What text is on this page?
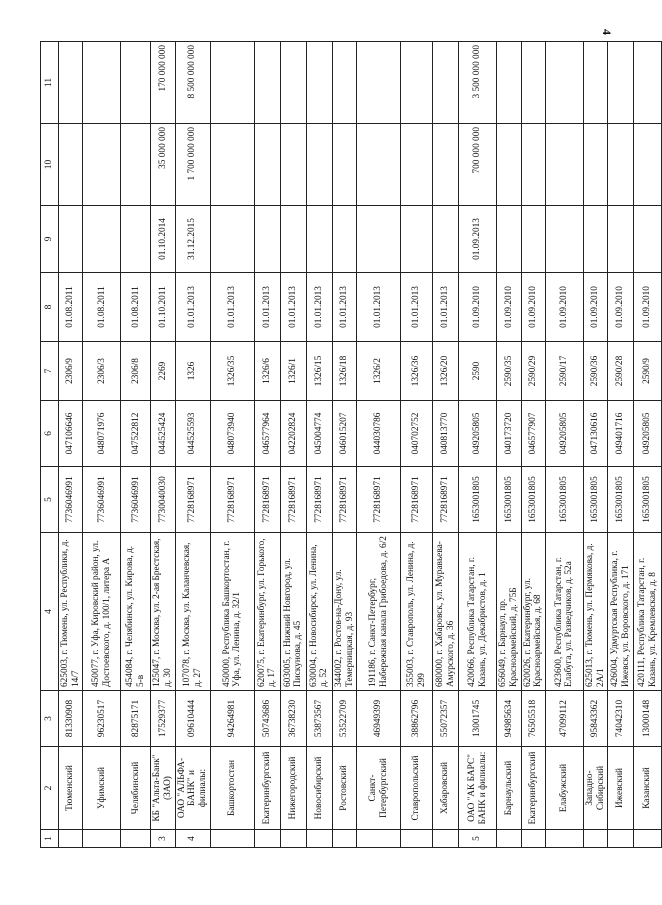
4
1	2	3	4	5	6	7	8	9	10	11
	Тюменский	81330908	625003, г. Тюмень, ул. Республики, д. 14/7	7736046991	047106646	2306/9	01.08.2011			
	Уфимский	96230517	450077, г. Уфа, Кировский район, ул. Достоевского, д. 100/1, литера А	7736046991	048071976	2306/3	01.08.2011			
	Челябинский	82875171	454084, г. Челябинск, ул. Кирова, д. 5-в	7736046991	047522812	2306/8	01.08.2011			
3	КБ "Альта-Банк" (ЗАО)	17529377	125047, г. Москва, ул. 2-ая Брестская, д. 30	7730040030	044525424	2269	01.10.2011	01.10.2014	35 000 000	170 000 000
4	ОАО "АЛЬФА-БАНК" и филиалы:	09610444	107078, г. Москва, ул. Каланчевская, д. 27	7728168971	044525593	1326	01.01.2013	31.12.2015	1 700 000 000	8 500 000 000
	Башкортостан	94264981	450000, Республика Башкортостан, г. Уфа, ул. Ленина, д. 32/1	7728168971	048073940	1326/35	01.01.2013			
	Екатеринбургский	50743686	620075, г. Екатеринбург, ул. Горького, д. 17	7728168971	046577964	1326/6	01.01.2013			
	Нижегородский	36738230	603005, г. Нижний Новгород, ул. Пискунова, д. 45	7728168971	042202824	1326/1	01.01.2013			
	Новосибирский	53873567	630004, г. Новосибирск, ул. Ленина, д. 52	7728168971	045004774	1326/15	01.01.2013			
	Ростовский	53522709	344002, г. Ростов-на-Дону, ул. Темерницкая, д. 93	7728168971	046015207	1326/18	01.01.2013			
	Санкт-Петербургский	46949399	191186, г. Санкт-Петербург, Набережная канала Грибоедова, д. 6/2	7728168971	044030786	1326/2	01.01.2013			
	Ставропольский	38862796	355003, г. Ставрополь, ул. Ленина, д. 299	7728168971	040702752	1326/36	01.01.2013			
	Хабаровский	55072357	680000, г. Хабаровск, ул. Муравьева-Амурского, д. 36	7728168971	040813770	1326/20	01.01.2013			
5	ОАО "АК БАРС" БАНК и филиалы:	13001745	420066, Республика Татарстан, г. Казань, ул. Декабристов, д. 1	1653001805	049205805	2590	01.09.2010	01.09.2013	700 000 000	3 500 000 000
	Барнаульский	94985634	656049, г. Барнаул, пр. Красноармейский, д. 75Б	1653001805	040173720	2590/35	01.09.2010			
	Екатеринбургский	76505518	620026, г. Екатеринбург, ул. Красноармейская, д. 68	1653001805	046577907	2590/29	01.09.2010			
	Елабужский	47099112	423600, Республика Татарстан, г. Елабуга, ул. Разведчиков, д. 52а	1653001805	049205805	2590/17	01.09.2010			
	Западно-Сибирский	95843362	625013, г. Тюмень, ул. Пермякова, д. 2А/1	1653001805	047130616	2590/36	01.09.2010			
	Ижевский	74042310	426004, Удмуртская Республика, г. Ижевск, ул. Воровского, д. 171	1653001805	049401716	2590/28	01.09.2010			
	Казанский	13000148	420111, Республика Татарстан, г. Казань, ул. Кремлевская, д. 8	1653001805	049205805	2590/9	01.09.2010			
